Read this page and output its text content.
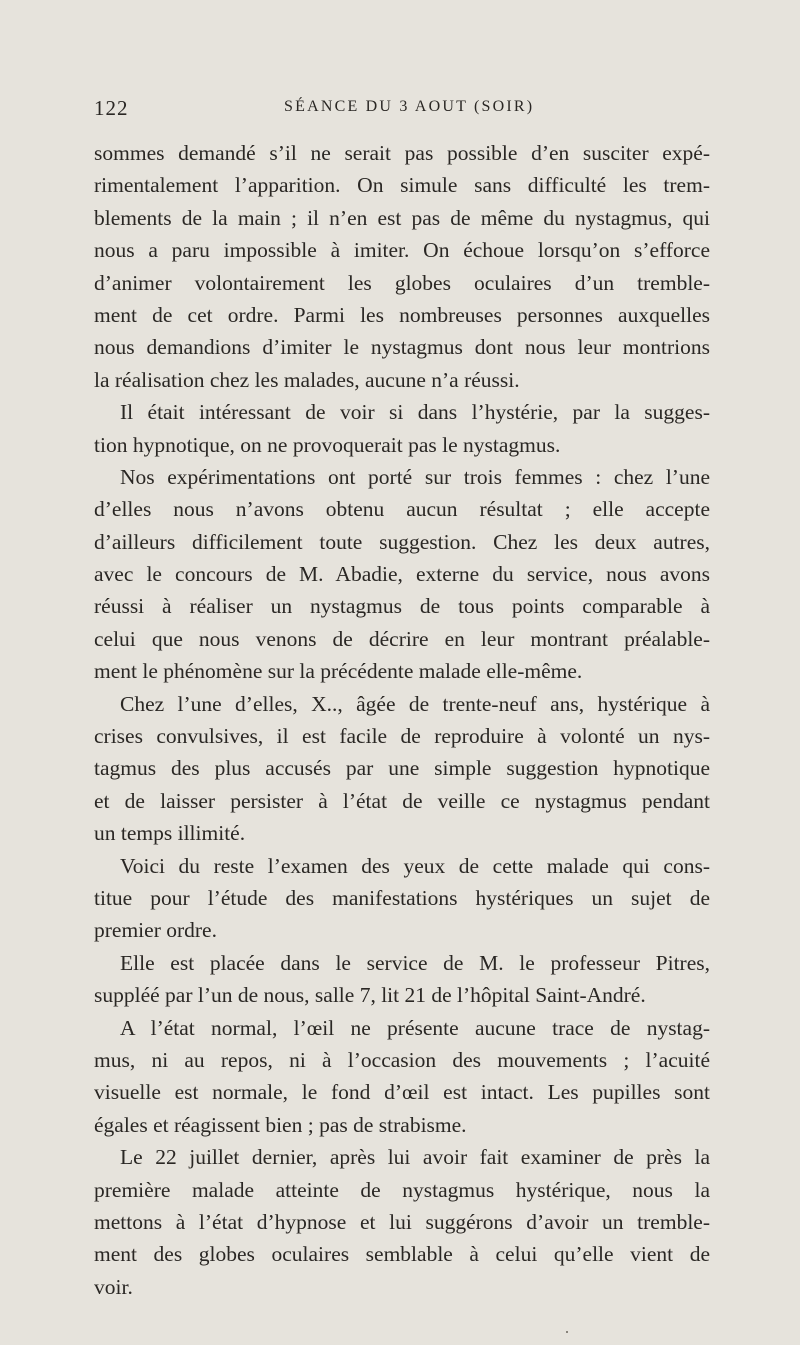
122	SÉANCE DU 3 AOUT (SOIR)
sommes demandé s’il ne serait pas possible d’en susciter expé-
rimentalement l’apparition. On simule sans difficulté les trem-
blements de la main ; il n’en est pas de même du nystagmus, qui
nous a paru impossible à imiter. On échoue lorsqu’on s’efforce
d’animer volontairement les globes oculaires d’un tremble-
ment de cet ordre. Parmi les nombreuses personnes auxquelles
nous demandions d’imiter le nystagmus dont nous leur montrions
la réalisation chez les malades, aucune n’a réussi.
Il était intéressant de voir si dans l’hystérie, par la sugges-
tion hypnotique, on ne provoquerait pas le nystagmus.
Nos expérimentations ont porté sur trois femmes : chez l’une
d’elles nous n’avons obtenu aucun résultat ; elle accepte
d’ailleurs difficilement toute suggestion. Chez les deux autres,
avec le concours de M. Abadie, externe du service, nous avons
réussi à réaliser un nystagmus de tous points comparable à
celui que nous venons de décrire en leur montrant préalable-
ment le phénomène sur la précédente malade elle-même.
Chez l’une d’elles, X.., âgée de trente-neuf ans, hystérique à
crises convulsives, il est facile de reproduire à volonté un nys-
tagmus des plus accusés par une simple suggestion hypnotique
et de laisser persister à l’état de veille ce nystagmus pendant
un temps illimité.
Voici du reste l’examen des yeux de cette malade qui cons-
titue pour l’étude des manifestations hystériques un sujet de
premier ordre.
Elle est placée dans le service de M. le professeur Pitres,
suppléé par l’un de nous, salle 7, lit 21 de l’hôpital Saint-André.
A l’état normal, l’œil ne présente aucune trace de nystag-
mus, ni au repos, ni à l’occasion des mouvements ; l’acuité
visuelle est normale, le fond d’œil est intact. Les pupilles sont
égales et réagissent bien ; pas de strabisme.
Le 22 juillet dernier, après lui avoir fait examiner de près la
première malade atteinte de nystagmus hystérique, nous la
mettons à l’état d’hypnose et lui suggérons d’avoir un tremble-
ment des globes oculaires semblable à celui qu’elle vient de
voir.
